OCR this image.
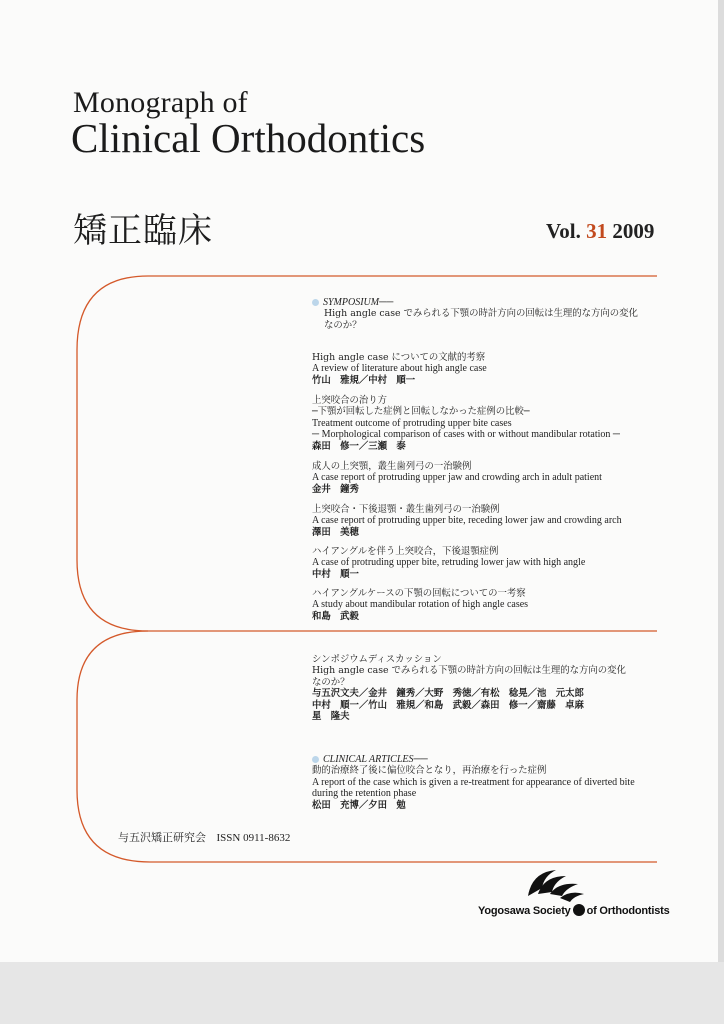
Monograph of
Clinical Orthodontics
矯正臨床	Vol. 31 2009
SYMPOSIUM──
High angle case でみられる下顎の時計方向の回転は生理的な方向の変化
なのか？
High angle case についての文献的考察
A review of literature about high angle case
竹山　雅規／中村　順一
上突咬合の治り方
─下顎が回転した症例と回転しなかった症例の比較─
Treatment outcome of protruding upper bite cases
─ Morphological comparison of cases with or without mandibular rotation ─
森田　修一／三瀬　泰
成人の上突顎，叢生歯列弓の一治験例
A case report of protruding upper jaw and crowding arch in adult patient
金井　鐘秀
上突咬合・下後退顎・叢生歯列弓の一治験例
A case report of protruding upper bite, receding lower jaw and crowding arch
澤田　美穂
ハイアングルを伴う上突咬合，下後退顎症例
A case of protruding upper bite, retruding lower jaw with high angle
中村　順一
ハイアングルケースの下顎の回転についての一考察
A study about mandibular rotation of high angle cases
和島　武毅
シンポジウムディスカッション
High angle case でみられる下顎の時計方向の回転は生理的な方向の変化
なのか？
与五沢文夫／金井　鐘秀／大野　秀徳／有松　稔晃／池　元太郎
中村　順一／竹山　雅規／和島　武毅／森田　修一／齋藤　卓麻
星　隆夫
CLINICAL ARTICLES──
動的治療終了後に偏位咬合となり，再治療を行った症例
A report of the case which is given a re-treatment for appearance of diverted bite
during the retention phase
松田　充博／夕田　勉
与五沢矯正研究会 ISSN 0911-8632
Yogosawa Society of Orthodontists
